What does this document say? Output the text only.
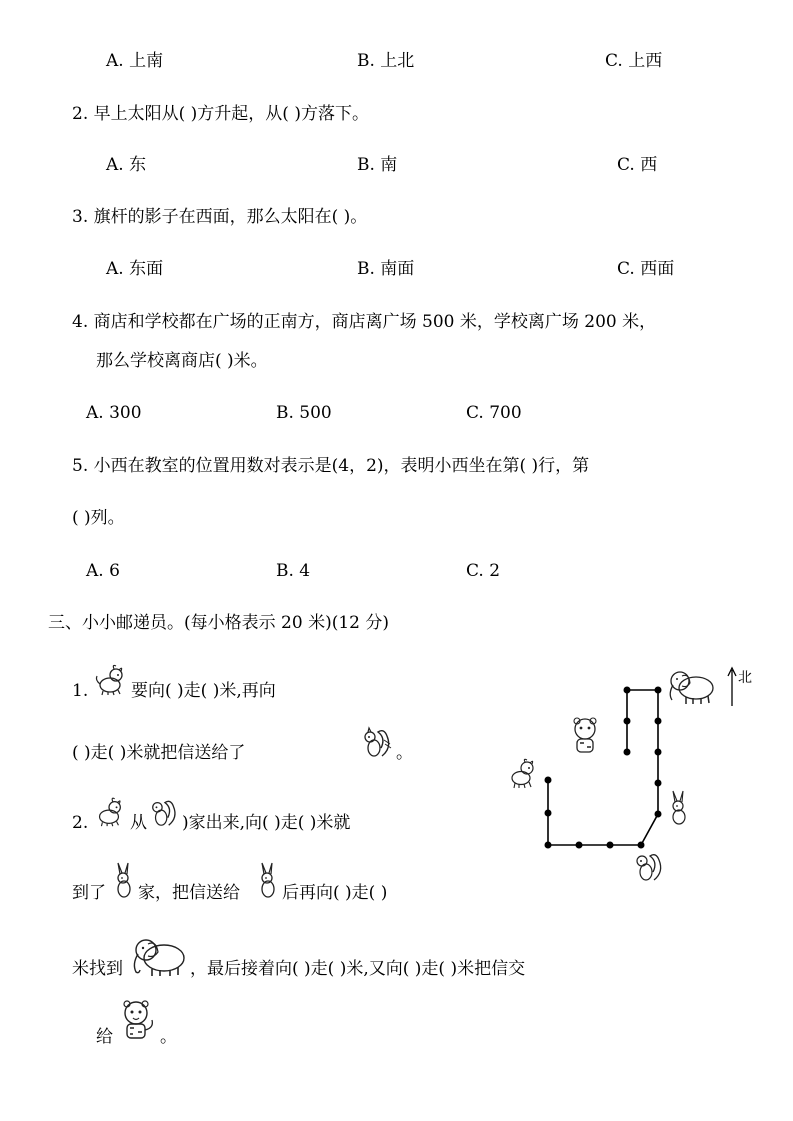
A. 上南	B. 上北	C. 上西
2. 早上太阳从( )方升起，从( )方落下。
A. 东	B. 南	C. 西
3. 旗杆的影子在西面，那么太阳在( )。
A. 东面	B. 南面	C. 西面
4. 商店和学校都在广场的正南方，商店离广场 500 米，学校离广场 200 米，
那么学校离商店( )米。
A. 300	B. 500	C. 700
5. 小西在教室的位置用数对表示是(4，2)，表明小西坐在第( )行，第
( )列。
A. 6	B. 4	C. 2
三、小小邮递员。(每小格表示 20 米)(12 分)
1.	要向( )走( )米,再向
( )走( )米就把信送给了	。
2. 从 )家出来,向( )走( )米就
到了 家，把信送给 后再向( )走( )
米找到	，最后接着向( )走( )米,又向( )走( )米把信交
给	。
北
